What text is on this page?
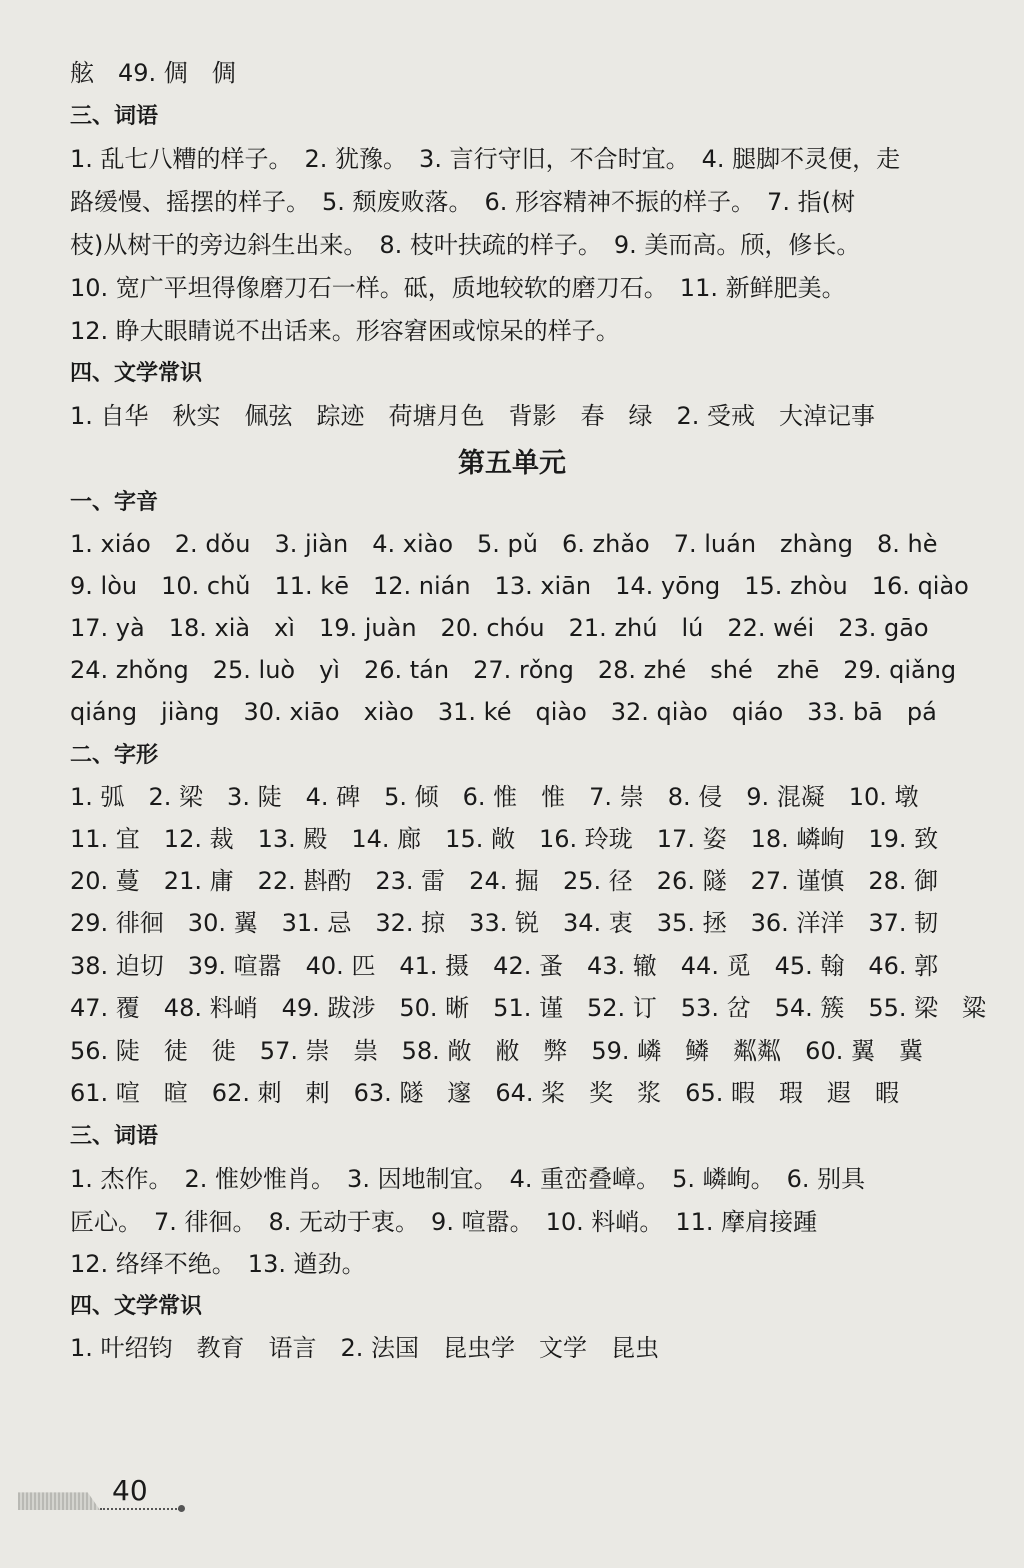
舷　49. 倜　倜
三、词语
1. 乱七八糟的样子。　2. 犹豫。　3. 言行守旧，不合时宜。　4. 腿脚不灵便，走
路缓慢、摇摆的样子。　5. 颓废败落。　6. 形容精神不振的样子。　7. 指(树
枝)从树干的旁边斜生出来。　8. 枝叶扶疏的样子。　9. 美而高。颀，修长。
10. 宽广平坦得像磨刀石一样。砥，质地较软的磨刀石。　11. 新鲜肥美。
12. 睁大眼睛说不出话来。形容窘困或惊呆的样子。
四、文学常识
1. 自华　秋实　佩弦　踪迹　荷塘月色　背影　春　绿　2. 受戒　大淖记事
第五单元
一、字音
1. xiáo　2. dǒu　3. jiàn　4. xiào　5. pǔ　6. zhǎo　7. luán　zhàng　8. hè
9. lòu　10. chǔ　11. kē　12. nián　13. xiān　14. yōng　15. zhòu　16. qiào
17. yà　18. xià　xì　19. juàn　20. chóu　21. zhú　lú　22. wéi　23. gāo
24. zhǒng　25. luò　yì　26. tán　27. rǒng　28. zhé　shé　zhē　29. qiǎng
qiáng　jiàng　30. xiāo　xiào　31. ké　qiào　32. qiào　qiáo　33. bā　pá
二、字形
1. 弧　2. 梁　3. 陡　4. 碑　5. 倾　6. 惟　惟　7. 崇　8. 侵　9. 混凝　10. 墩
11. 宜　12. 裁　13. 殿　14. 廊　15. 敞　16. 玲珑　17. 姿　18. 嶙峋　19. 致
20. 蔓　21. 庸　22. 斟酌　23. 雷　24. 掘　25. 径　26. 隧　27. 谨慎　28. 御
29. 徘徊　30. 翼　31. 忌　32. 掠　33. 锐　34. 衷　35. 拯　36. 洋洋　37. 韧
38. 迫切　39. 喧嚣　40. 匹　41. 摄　42. 蚤　43. 辙　44. 觅　45. 翰　46. 郭
47. 覆　48. 料峭　49. 跋涉　50. 晰　51. 谨　52. 订　53. 岔　54. 簇　55. 梁　粱
56. 陡　徒　徙　57. 崇　祟　58. 敞　敝　弊　59. 嶙　鳞　粼粼　60. 翼　冀
61. 喧　暄　62. 刺　剌　63. 隧　邃　64. 桨　奖　浆　65. 暇　瑕　遐　暇
三、词语
1. 杰作。　2. 惟妙惟肖。　3. 因地制宜。　4. 重峦叠嶂。　5. 嶙峋。　6. 别具
匠心。　7. 徘徊。　8. 无动于衷。　9. 喧嚣。　10. 料峭。　11. 摩肩接踵
12. 络绎不绝。　13. 遒劲。
四、文学常识
1. 叶绍钧　教育　语言　2. 法国　昆虫学　文学　昆虫
40
